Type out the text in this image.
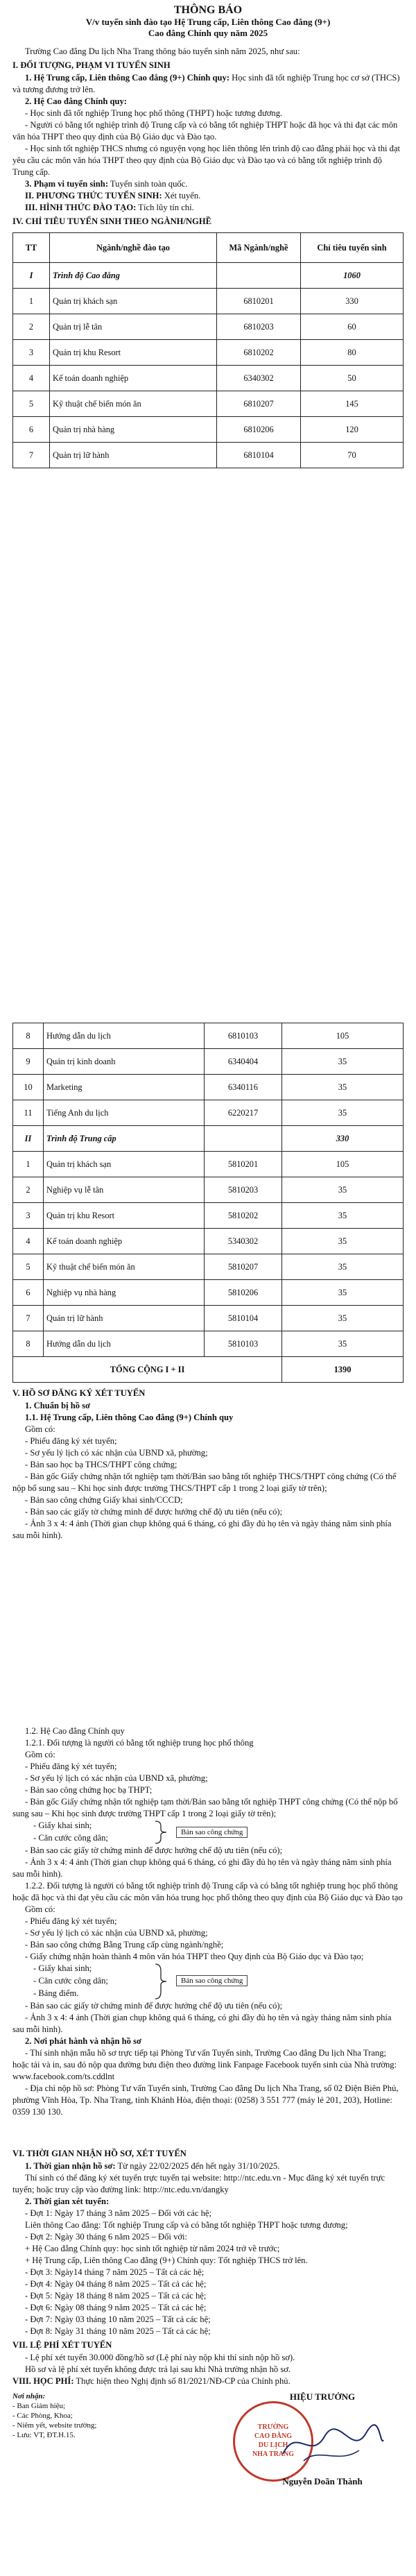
THÔNG BÁO
V/v tuyển sinh đào tạo Hệ Trung cấp, Liên thông Cao đẳng (9+)
Cao đẳng Chính quy năm 2025

Trường Cao đẳng Du lịch Nha Trang thông báo tuyển sinh năm 2025, như sau:

I. ĐỐI TƯỢNG, PHẠM VI TUYỂN SINH

1. Hệ Trung cấp, Liên thông Cao đẳng (9+) Chính quy: Học sinh đã tốt nghiệp Trung học cơ sở (THCS) và tương đương trở lên.

2. Hệ Cao đẳng Chính quy:

- Học sinh đã tốt nghiệp Trung học phổ thông (THPT) hoặc tương đương.

- Người có bằng tốt nghiệp trình độ Trung cấp và có bằng tốt nghiệp THPT hoặc đã học và thi đạt các môn văn hóa THPT theo quy định của Bộ Giáo dục và Đào tạo.

- Học sinh tốt nghiệp THCS nhưng có nguyện vọng học liên thông lên trình độ cao đẳng phải học và thi đạt yêu cầu các môn văn hóa THPT theo quy định của Bộ Giáo dục và Đào tạo và có bằng tốt nghiệp trình độ Trung cấp.

3. Phạm vi tuyển sinh: Tuyển sinh toàn quốc.

II. PHƯƠNG THỨC TUYỂN SINH: Xét tuyển.

III. HÌNH THỨC ĐÀO TẠO: Tích lũy tín chỉ.

IV. CHỈ TIÊU TUYỂN SINH THEO NGÀNH/NGHỀ

TT	Ngành/nghề đào tạo	Mã Ngành/nghề	Chỉ tiêu tuyển sinh
I	Trình độ Cao đẳng		1060
1	Quản trị khách sạn	6810201	330
2	Quản trị lễ tân	6810203	60
3	Quản trị khu Resort	6810202	80
4	Kế toán doanh nghiệp	6340302	50
5	Kỹ thuật chế biến món ăn	6810207	145
6	Quản trị nhà hàng	6810206	120
7	Quản trị lữ hành	6810104	70
8	Hướng dẫn du lịch	6810103	105
9	Quản trị kinh doanh	6340404	35
10	Marketing	6340116	35
11	Tiếng Anh du lịch	6220217	35
II	Trình độ Trung cấp		330
1	Quản trị khách sạn	5810201	105
2	Nghiệp vụ lễ tân	5810203	35
3	Quản trị khu Resort	5810202	35
4	Kế toán doanh nghiệp	5340302	35
5	Kỹ thuật chế biến món ăn	5810207	35
6	Nghiệp vụ nhà hàng	5810206	35
7	Quản trị lữ hành	5810104	35
8	Hướng dẫn du lịch	5810103	35
TỔNG CỘNG I + II			1390

V. HỒ SƠ ĐĂNG KÝ XÉT TUYỂN

1. Chuẩn bị hồ sơ

1.1. Hệ Trung cấp, Liên thông Cao đẳng (9+) Chính quy

Gồm có:

- Phiếu đăng ký xét tuyển;

- Sơ yếu lý lịch có xác nhận của UBND xã, phường;

- Bản sao học bạ THCS/THPT công chứng;

- Bản gốc Giấy chứng nhận tốt nghiệp tạm thời/Bản sao bằng tốt nghiệp THCS/THPT công chứng (Có thể nộp bổ sung sau – Khi học sinh được trường THCS/THPT cấp 1 trong 2 loại giấy tờ trên);

- Bản sao công chứng Giấy khai sinh/CCCD;

- Bản sao các giấy tờ chứng minh để được hưởng chế độ ưu tiên (nếu có);

- Ảnh 3 x 4: 4 ảnh (Thời gian chụp không quá 6 tháng, có ghi đầy đủ họ tên và ngày tháng năm sinh phía sau mỗi hình).

1.2. Hệ Cao đẳng Chính quy

1.2.1. Đối tượng là người có bằng tốt nghiệp trung học phổ thông

Gồm có:

- Phiếu đăng ký xét tuyển;

- Sơ yếu lý lịch có xác nhận của UBND xã, phường;

- Bản sao công chứng học bạ THPT;

- Bản gốc Giấy chứng nhận tốt nghiệp tạm thời/Bản sao bằng tốt nghiệp THPT công chứng (Có thể nộp bổ sung sau – Khi học sinh được trường THPT cấp 1 trong 2 loại giấy tờ trên);

- Giấy khai sinh;
- Căn cước công dân;
Bản sao công chứng

- Bản sao các giấy tờ chứng minh để được hưởng chế độ ưu tiên (nếu có);

- Ảnh 3 x 4: 4 ảnh (Thời gian chụp không quá 6 tháng, có ghi đầy đủ họ tên và ngày tháng năm sinh phía sau mỗi hình).

1.2.2. Đối tượng là người có bằng tốt nghiệp trình độ Trung cấp và có bằng tốt nghiệp trung học phổ thông hoặc đã học và thi đạt yêu cầu các môn văn hóa trung học phổ thông theo quy định của Bộ Giáo dục và Đào tạo

Gồm có:

- Phiếu đăng ký xét tuyển;

- Sơ yếu lý lịch có xác nhận của UBND xã, phường;

- Bản sao công chứng Bằng Trung cấp cùng ngành/nghề;

- Giấy chứng nhận hoàn thành 4 môn văn hóa THPT theo Quy định của Bộ Giáo dục và Đào tạo;

- Giấy khai sinh;
- Căn cước công dân;
- Bảng điểm.
Bản sao công chứng

- Bản sao các giấy tờ chứng minh để được hưởng chế độ ưu tiên (nếu có);

- Ảnh 3 x 4: 4 ảnh (Thời gian chụp không quá 6 tháng, có ghi đầy đủ họ tên và ngày tháng năm sinh phía sau mỗi hình).

2. Nơi phát hành và nhận hồ sơ

- Thí sinh nhận mẫu hồ sơ trực tiếp tại Phòng Tư vấn Tuyển sinh, Trường Cao đẳng Du lịch Nha Trang; hoặc tải và in, sau đó nộp qua đường bưu điện theo đường link Fanpage Facebook tuyển sinh của Nhà trường: www.facebook.com/ts.cddlnt

- Địa chỉ nộp hồ sơ: Phòng Tư vấn Tuyển sinh, Trường Cao đẳng Du lịch Nha Trang, số 02 Điện Biên Phủ, phường Vĩnh Hòa, Tp. Nha Trang, tỉnh Khánh Hòa, điện thoại: (0258) 3 551 777 (máy lẻ 201, 203), Hotline: 0359 130 130.

VI. THỜI GIAN NHẬN HỒ SƠ, XÉT TUYỂN

1. Thời gian nhận hồ sơ: Từ ngày 22/02/2025 đến hết ngày 31/10/2025.

Thí sinh có thể đăng ký xét tuyển trực tuyến tại website: http://ntc.edu.vn - Mục đăng ký xét tuyển trực tuyến; hoặc truy cập vào đường link: http://ntc.edu.vn/dangky

2. Thời gian xét tuyển:

- Đợt 1: Ngày 17 tháng 3 năm 2025 – Đối với các hệ;

Liên thông Cao đẳng: Tốt nghiệp Trung cấp và có bằng tốt nghiệp THPT hoặc tương đương;

- Đợt 2: Ngày 30 tháng 6 năm 2025 – Đối với:

+ Hệ Cao đẳng Chính quy: học sinh tốt nghiệp từ năm 2024 trở về trước;

+ Hệ Trung cấp, Liên thông Cao đẳng (9+) Chính quy: Tốt nghiệp THCS trở lên.

- Đợt 3: Ngày14 tháng 7 năm 2025 – Tất cả các hệ;

- Đợt 4: Ngày 04 tháng 8 năm 2025 – Tất cả các hệ;

- Đợt 5: Ngày 18 tháng 8 năm 2025 – Tất cả các hệ;

- Đợt 6: Ngày 08 tháng 9 năm 2025 – Tất cả các hệ;

- Đợt 7: Ngày 03 tháng 10 năm 2025 – Tất cả các hệ;

- Đợt 8: Ngày 31 tháng 10 năm 2025 – Tất cả các hệ;

VII. LỆ PHÍ XÉT TUYỂN

- Lệ phí xét tuyển 30.000 đồng/hồ sơ (Lệ phí này nộp khi thí sinh nộp hồ sơ).

Hồ sơ và lệ phí xét tuyển không được trả lại sau khi Nhà trường nhận hồ sơ.

VIII. HỌC PHÍ: Thực hiện theo Nghị định số 81/2021/NĐ-CP của Chính phủ.

Nơi nhận:
- Ban Giám hiệu;
- Các Phòng, Khoa;
- Niêm yết, website trường;
- Lưu: VT, ĐT.H.15.
HIỆU TRƯỞNG
TRƯỜNG
CAO ĐẲNG
DU LỊCH
NHA TRANG
Nguyễn Doãn Thành
